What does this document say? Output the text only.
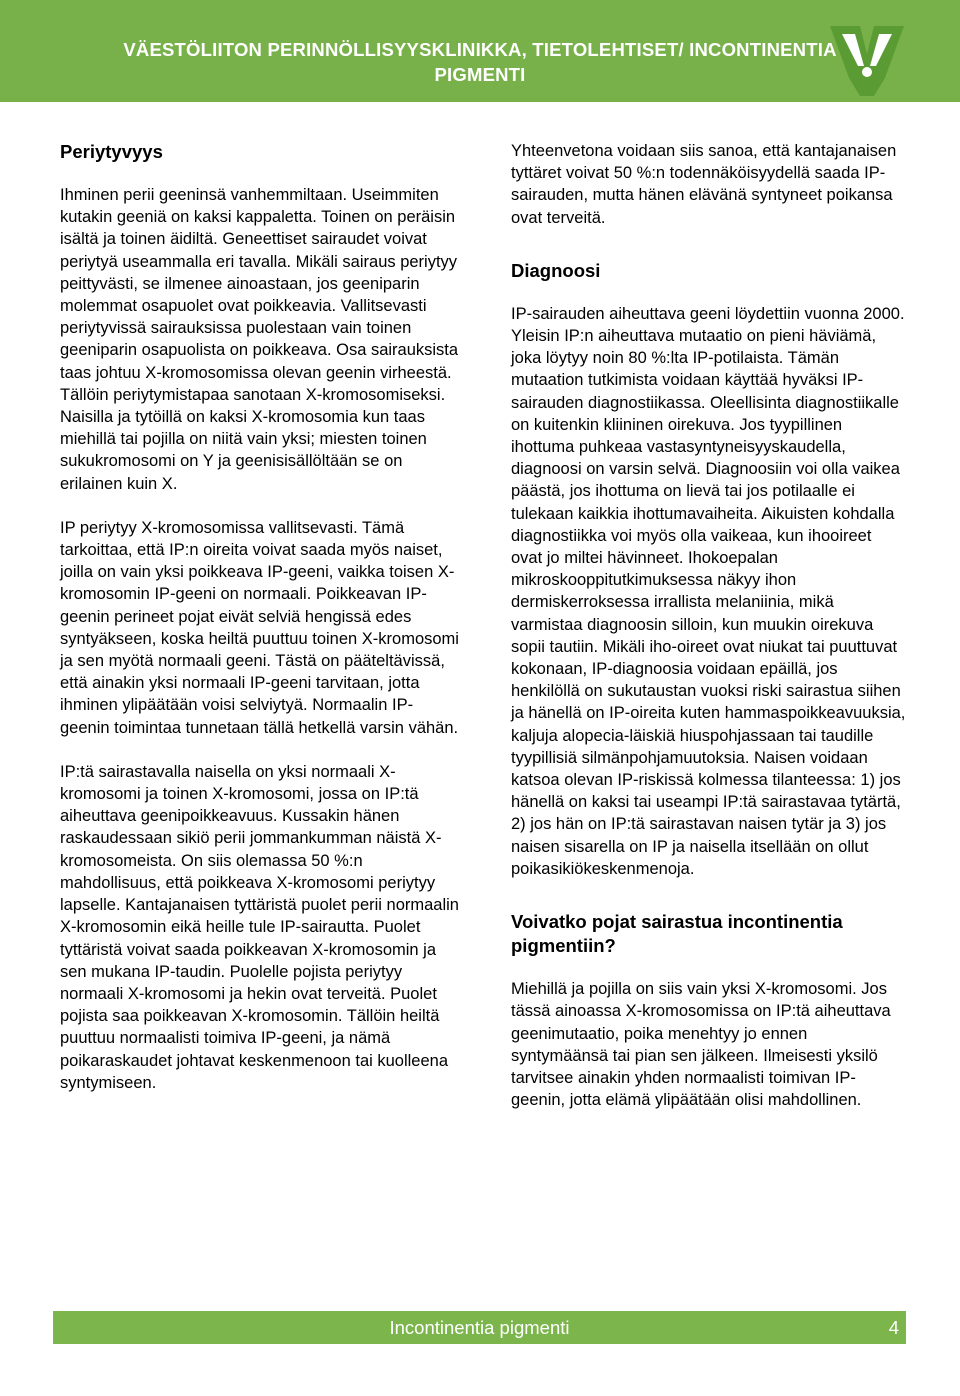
VÄESTÖLIITON PERINNÖLLISYYSKLINIKKA, TIETOLEHTISET/ INCONTINENTIA PIGMENTI
Periytyvyys

Ihminen perii geeninsä vanhemmiltaan. Useimmiten kutakin geeniä on kaksi kappaletta. Toinen on peräisin isältä ja toinen äidiltä. Geneettiset sairaudet voivat periytyä useammalla eri tavalla. Mikäli sairaus periytyy peittyvästi, se ilmenee ainoastaan, jos geeniparin molemmat osapuolet ovat poikkeavia. Vallitsevasti periytyvissä sairauksissa puolestaan vain toinen geeniparin osapuolista on poikkeava. Osa sairauksista taas johtuu X-kromosomissa olevan geenin virheestä. Tällöin periytymistapaa sanotaan X-kromosomiseksi. Naisilla ja tytöillä on kaksi X-kromosomia kun taas miehillä tai pojilla on niitä vain yksi; miesten toinen sukukromosomi on Y ja geenisisällöltään se on erilainen kuin X.

IP periytyy X-kromosomissa vallitsevasti. Tämä tarkoittaa, että IP:n oireita voivat saada myös naiset, joilla on vain yksi poikkeava IP-geeni, vaikka toisen X-kromosomin IP-geeni on normaali. Poikkeavan IP-geenin perineet pojat eivät selviä hengissä edes syntyäkseen, koska heiltä puuttuu toinen X-kromosomi ja sen myötä normaali geeni. Tästä on pääteltävissä, että ainakin yksi normaali IP-geeni tarvitaan, jotta ihminen ylipäätään voisi selviytyä. Normaalin IP-geenin toimintaa tunnetaan tällä hetkellä varsin vähän.

IP:tä sairastavalla naisella on yksi normaali X-kromosomi ja toinen X-kromosomi, jossa on IP:tä aiheuttava geenipoikkeavuus. Kussakin hänen raskaudessaan sikiö perii jommankumman näistä X-kromosomeista. On siis olemassa 50 %:n mahdollisuus, että poikkeava X-kromosomi periytyy lapselle. Kantajanaisen tyttäristä puolet perii normaalin X-kromosomin eikä heille tule IP-sairautta. Puolet tyttäristä voivat saada poikkeavan X-kromosomin ja sen mukana IP-taudin. Puolelle pojista periytyy normaali X-kromosomi ja hekin ovat terveitä. Puolet pojista saa poikkeavan X-kromosomin. Tällöin heiltä puuttuu normaalisti toimiva IP-geeni, ja nämä poikaraskaudet johtavat keskenmenoon tai kuolleena syntymiseen.

Yhteenvetona voidaan siis sanoa, että kantajanaisen tyttäret voivat 50 %:n todennäköisyydellä saada IP-sairauden, mutta hänen elävänä syntyneet poikansa ovat terveitä.

Diagnoosi

IP-sairauden aiheuttava geeni löydettiin vuonna 2000. Yleisin IP:n aiheuttava mutaatio on pieni häviämä, joka löytyy noin 80 %:lta IP-potilaista. Tämän mutaation tutkimista voidaan käyttää hyväksi IP-sairauden diagnostiikassa. Oleellisinta diagnostiikalle on kuitenkin kliininen oirekuva. Jos tyypillinen ihottuma puhkeaa vastasyntyneisyyskaudella, diagnoosi on varsin selvä. Diagnoosiin voi olla vaikea päästä, jos ihottuma on lievä tai jos potilaalle ei tulekaan kaikkia ihottumavaiheita. Aikuisten kohdalla diagnostiikka voi myös olla vaikeaa, kun ihooireet ovat jo miltei hävinneet. Ihokoepalan mikroskooppitutkimuksessa näkyy ihon dermiskerroksessa irrallista melaniinia, mikä varmistaa diagnoosin silloin, kun muukin oirekuva sopii tautiin. Mikäli iho-oireet ovat niukat tai puuttuvat kokonaan, IP-diagnoosia voidaan epäillä, jos henkilöllä on sukutaustan vuoksi riski sairastua siihen ja hänellä on IP-oireita kuten hammaspoikkeavuuksia, kaljuja alopecia-läiskiä hiuspohjassaan tai taudille tyypillisiä silmänpohjamuutoksia. Naisen voidaan katsoa olevan IP-riskissä kolmessa tilanteessa: 1) jos hänellä on kaksi tai useampi IP:tä sairastavaa tytärtä, 2) jos hän on IP:tä sairastavan naisen tytär ja 3) jos naisen sisarella on IP ja naisella itsellään on ollut poikasikiökeskenmenoja.

Voivatko pojat sairastua incontinentia pigmentiin?

Miehillä ja pojilla on siis vain yksi X-kromosomi. Jos tässä ainoassa X-kromosomissa on IP:tä aiheuttava geenimutaatio, poika menehtyy jo ennen syntymäänsä tai pian sen jälkeen. Ilmeisesti yksilö tarvitsee ainakin yhden normaalisti toimivan IP-geenin, jotta elämä ylipäätään olisi mahdollinen.

Incontinentia pigmenti	4
